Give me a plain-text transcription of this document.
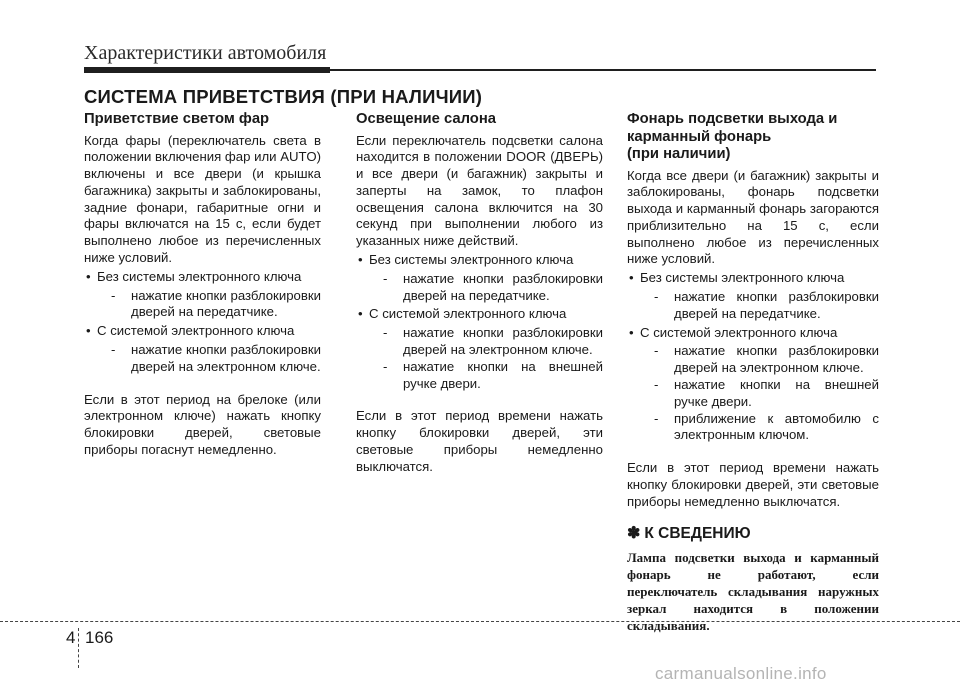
Характеристики автомобиля
СИСТЕМА ПРИВЕТСТВИЯ (ПРИ НАЛИЧИИ)
Приветствие светом фар

Когда фары (переключатель света в положении включения фар или AUTO) включены и все двери (и крышка багажника) закрыты и заблокированы, задние фонари, габаритные огни и фары включатся на 15 с, если будет выполнено любое из перечисленных ниже условий.

• Без системы электронного ключа
- нажатие кнопки разблокировки дверей на передатчике.
• С системой электронного ключа
- нажатие кнопки разблокировки дверей на электронном ключе.

Если в этот период на брелоке (или электронном ключе) нажать кнопку блокировки дверей, световые приборы погаснут немедленно.

Освещение салона

Если переключатель подсветки салона находится в положении DOOR (ДВЕРЬ) и все двери (и багажник) закрыты и заперты на замок, то плафон освещения салона включится на 30 секунд при выполнении любого из указанных ниже действий.

• Без системы электронного ключа
- нажатие кнопки разблокировки дверей на передатчике.
• С системой электронного ключа
- нажатие кнопки разблокировки дверей на электронном ключе.
- нажатие кнопки на внешней ручке двери.

Если в этот период времени нажать кнопку блокировки дверей, эти световые приборы немедленно выключатся.

Фонарь подсветки выхода и
карманный фонарь
(при наличии)

Когда все двери (и багажник) закрыты и заблокированы, фонарь подсветки выхода и карманный фонарь загораются приблизительно на 15 с, если выполнено любое из перечисленных ниже условий.

• Без системы электронного ключа
- нажатие кнопки разблокировки дверей на передатчике.
• С системой электронного ключа
- нажатие кнопки разблокировки дверей на электронном ключе.
- нажатие кнопки на внешней ручке двери.
- приближение к автомобилю с электронным ключом.

Если в этот период времени нажать кнопку блокировки дверей, эти световые приборы немедленно выключатся.

✽ К СВЕДЕНИЮ

Лампа подсветки выхода и карманный фонарь не работают, если переключатель складывания наружных зеркал находится в положении складывания.

4 166
carmanualsonline.info
